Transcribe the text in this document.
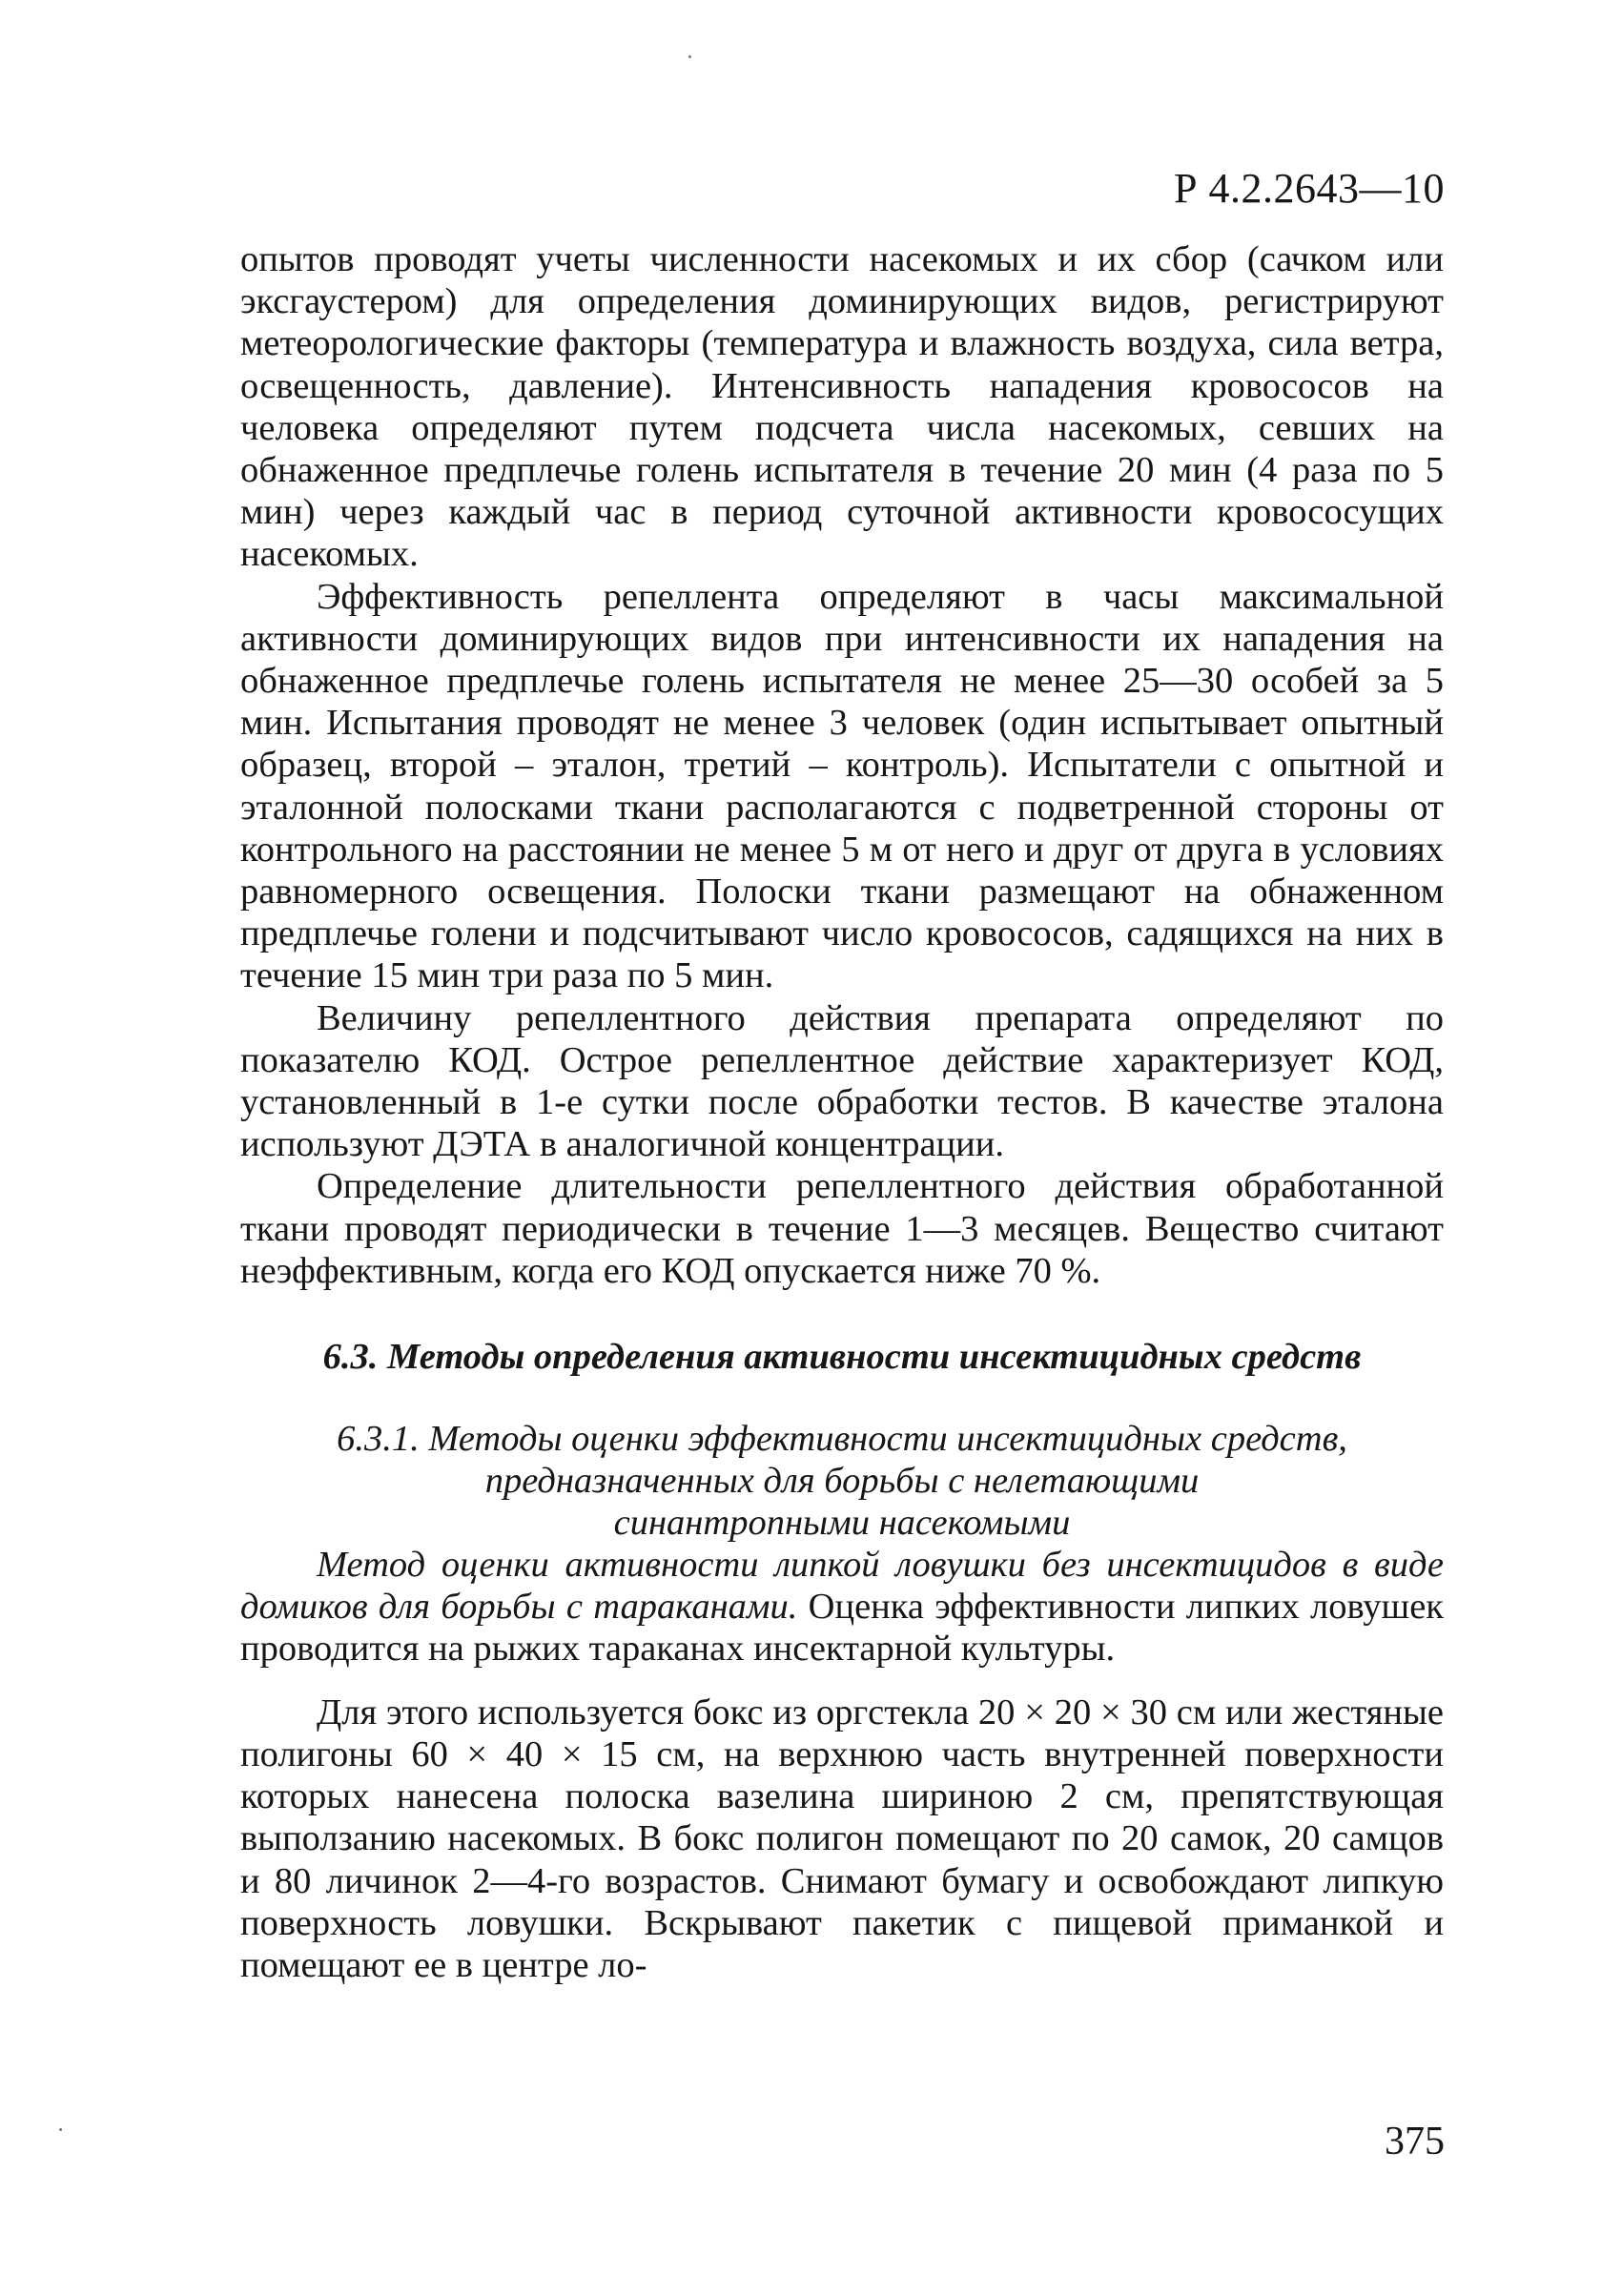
Р 4.2.2643—10

опытов проводят учеты численности насекомых и их сбор (сачком или эксгаустером) для определения доминирующих видов, регистрируют метеорологические факторы (температура и влажность воздуха, сила ветра, освещенность, давление). Интенсивность нападения кровососов на человека определяют путем подсчета числа насекомых, севших на обнаженное предплечье голень испытателя в течение 20 мин (4 раза по 5 мин) через каждый час в период суточной активности кровососущих насекомых.

Эффективность репеллента определяют в часы максимальной активности доминирующих видов при интенсивности их нападения на обнаженное предплечье голень испытателя не менее 25—30 особей за 5 мин. Испытания проводят не менее 3 человек (один испытывает опытный образец, второй – эталон, третий – контроль). Испытатели с опытной и эталонной полосками ткани располагаются с подветренной стороны от контрольного на расстоянии не менее 5 м от него и друг от друга в условиях равномерного освещения. Полоски ткани размещают на обнаженном предплечье голени и подсчитывают число кровососов, садящихся на них в течение 15 мин три раза по 5 мин.

Величину репеллентного действия препарата определяют по показателю КОД. Острое репеллентное действие характеризует КОД, установленный в 1-е сутки после обработки тестов. В качестве эталона используют ДЭТА в аналогичной концентрации.

Определение длительности репеллентного действия обработанной ткани проводят периодически в течение 1—3 месяцев. Вещество считают неэффективным, когда его КОД опускается ниже 70 %.

6.3. Методы определения активности инсектицидных средств
6.3.1. Методы оценки эффективности инсектицидных средств,
предназначенных для борьбы с нелетающими
синантропными насекомыми

Метод оценки активности липкой ловушки без инсектицидов в виде домиков для борьбы с тараканами. Оценка эффективности липких ловушек проводится на рыжих тараканах инсектарной культуры.

Для этого используется бокс из оргстекла 20 × 20 × 30 см или жестяные полигоны 60 × 40 × 15 см, на верхнюю часть внутренней поверхности которых нанесена полоска вазелина шириною 2 см, препятствующая выползанию насекомых. В бокс полигон помещают по 20 самок, 20 самцов и 80 личинок 2—4-го возрастов. Снимают бумагу и освобождают липкую поверхность ловушки. Вскрывают пакетик с пищевой приманкой и помещают ее в центре ло-

375
